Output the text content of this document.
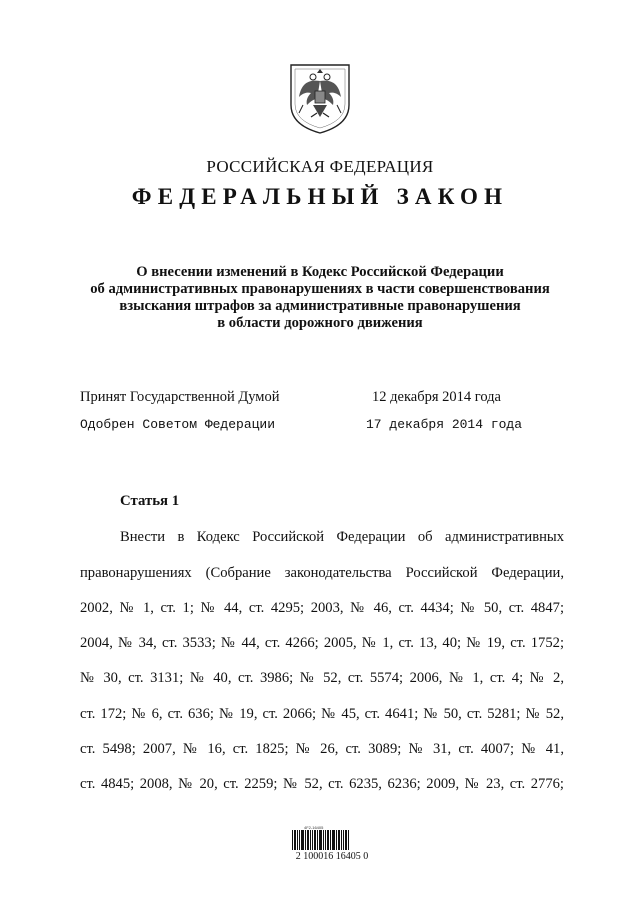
РОССИЙСКАЯ ФЕДЕРАЦИЯ
ФЕДЕРАЛЬНЫЙ ЗАКОН
О внесении изменений в Кодекс Российской Федерации
об административных правонарушениях в части совершенствования
взыскания штрафов за административные правонарушения
в области дорожного движения
Принят Государственной Думой	12 декабря 2014 года
Одобрен Советом Федерации	17 декабря 2014 года
Статья 1
Внести в Кодекс Российской Федерации об административных
правонарушениях (Собрание законодательства Российской Федерации,
2002, № 1, ст. 1; № 44, ст. 4295; 2003, № 46, ст. 4434; № 50, ст. 4847;
2004, № 34, ст. 3533; № 44, ст. 4266; 2005, № 1, ст. 13, 40; № 19, ст. 1752;
№ 30, ст. 3131; № 40, ст. 3986; № 52, ст. 5574; 2006, № 1, ст. 4; № 2,
ст. 172; № 6, ст. 636; № 19, ст. 2066; № 45, ст. 4641; № 50, ст. 5281; № 52,
ст. 5498; 2007, № 16, ст. 1825; № 26, ст. 3089; № 31, ст. 4007; № 41,
ст. 4845; 2008, № 20, ст. 2259; № 52, ст. 6235, 6236; 2009, № 23, ст. 2776;
4F2-16405
2 100016 16405 0
